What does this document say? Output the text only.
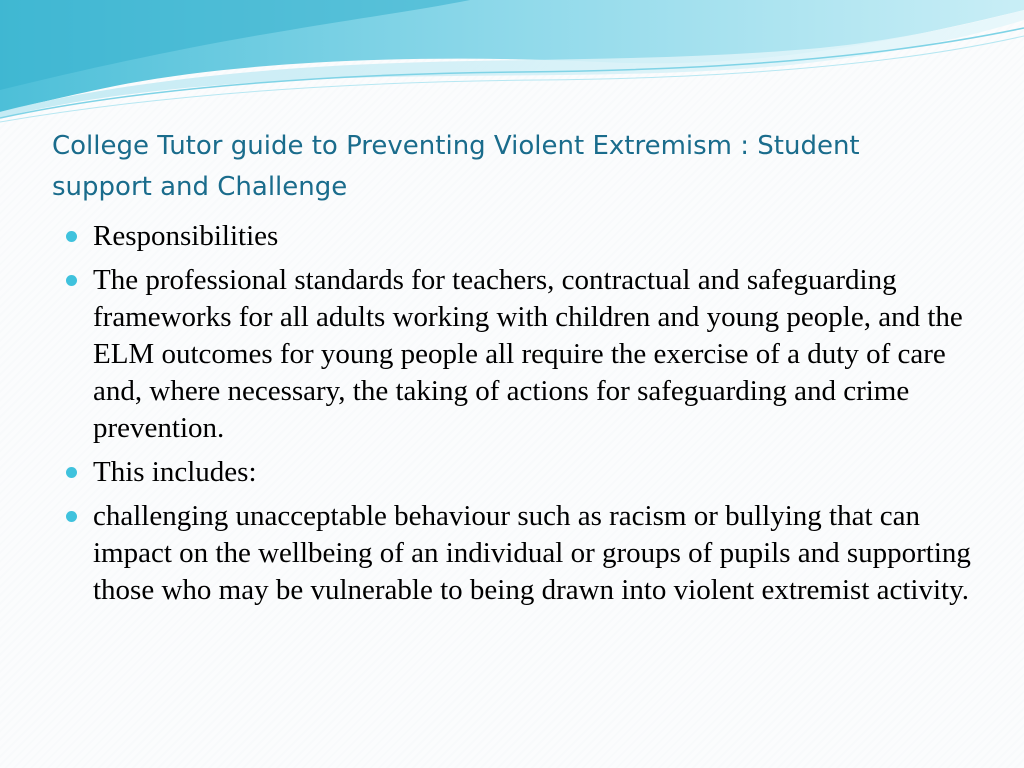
College Tutor guide to Preventing Violent Extremism : Student support and Challenge
Responsibilities
The professional standards for teachers, contractual and safeguarding frameworks for all adults working with children and young people, and the ELM outcomes for young people all require the exercise of a duty of care and, where necessary, the taking of actions for safeguarding and crime prevention.
This includes:
challenging unacceptable behaviour such as racism or bullying that can impact on the wellbeing of an individual or groups of pupils and supporting those who may be vulnerable to being drawn into violent extremist activity.
